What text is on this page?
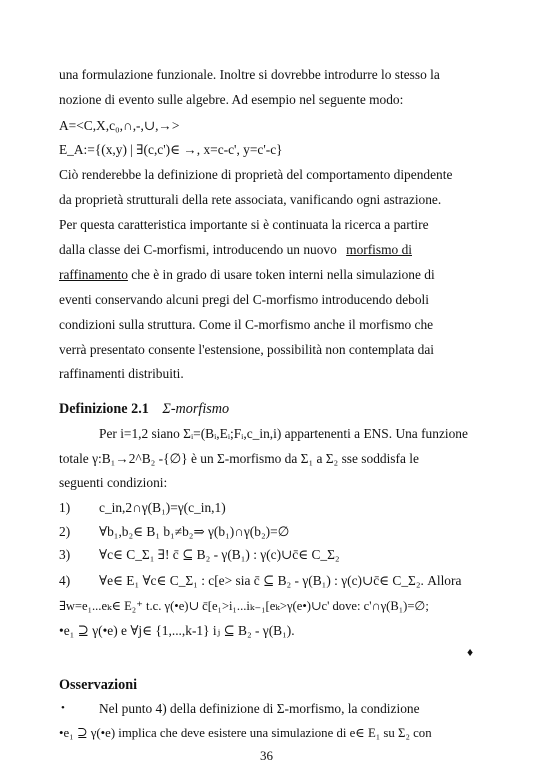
una formulazione funzionale. Inoltre si dovrebbe introdurre lo stesso la
nozione di evento sulle algebre. Ad esempio nel seguente modo:
A=<C,X,c₀,∩,-,∪,→>
E_A:={(x,y) | ∃(c,c')∈ →, x=c-c', y=c'-c}
Ciò renderebbe la definizione di proprietà del comportamento dipendente
da proprietà strutturali della rete associata, vanificando ogni astrazione.
Per questa caratteristica importante si è continuata la ricerca a partire
dalla classe dei C-morfismi, introducendo un nuovo morfismo di
raffinamento che è in grado di usare token interni nella simulazione di
eventi conservando alcuni pregi del C-morfismo introducendo deboli
condizioni sulla struttura. Come il C-morfismo anche il morfismo che
verrà presentato consente l'estensione, possibilità non contemplata dai
raffinamenti distribuiti.
Definizione 2.1 Σ-morfismo
Per i=1,2 siano Σᵢ=(Bᵢ,Eᵢ;Fᵢ,c_in,i) appartenenti a ENS. Una funzione
totale γ:B₁→2^B₂ -{∅} è un Σ-morfismo da Σ₁ a Σ₂ sse soddisfa le
seguenti condizioni:
1) c_in,2∩γ(B₁)=γ(c_in,1)
2) ∀b₁,b₂∈ B₁ b₁≠b₂⇒ γ(b₁)∩γ(b₂)=∅
3) ∀c∈ C_Σ₁ ∃! c̄ ⊆ B₂ - γ(B₁) : γ(c)∪c̄∈ C_Σ₂
4) ∀e∈ E₁ ∀c∈ C_Σ₁ : c[e> sia c̄ ⊆ B₂ - γ(B₁) : γ(c)∪c̄∈ C_Σ₂. Allora
∃w=e₁...eₖ∈ E₂⁺ t.c. γ(•e)∪ c̄[e₁>i₁...iₖ₋₁[eₖ>γ(e•)∪c' dove: c'∩γ(B₁)=∅;
•e₁ ⊇ γ(•e) e ∀j∈ {1,...,k-1} iⱼ ⊆ B₂ - γ(B₁).
♦
Osservazioni
•	Nel punto 4) della definizione di Σ-morfismo, la condizione
•e₁ ⊇ γ(•e) implica che deve esistere una simulazione di e∈ E₁ su Σ₂ con
36
